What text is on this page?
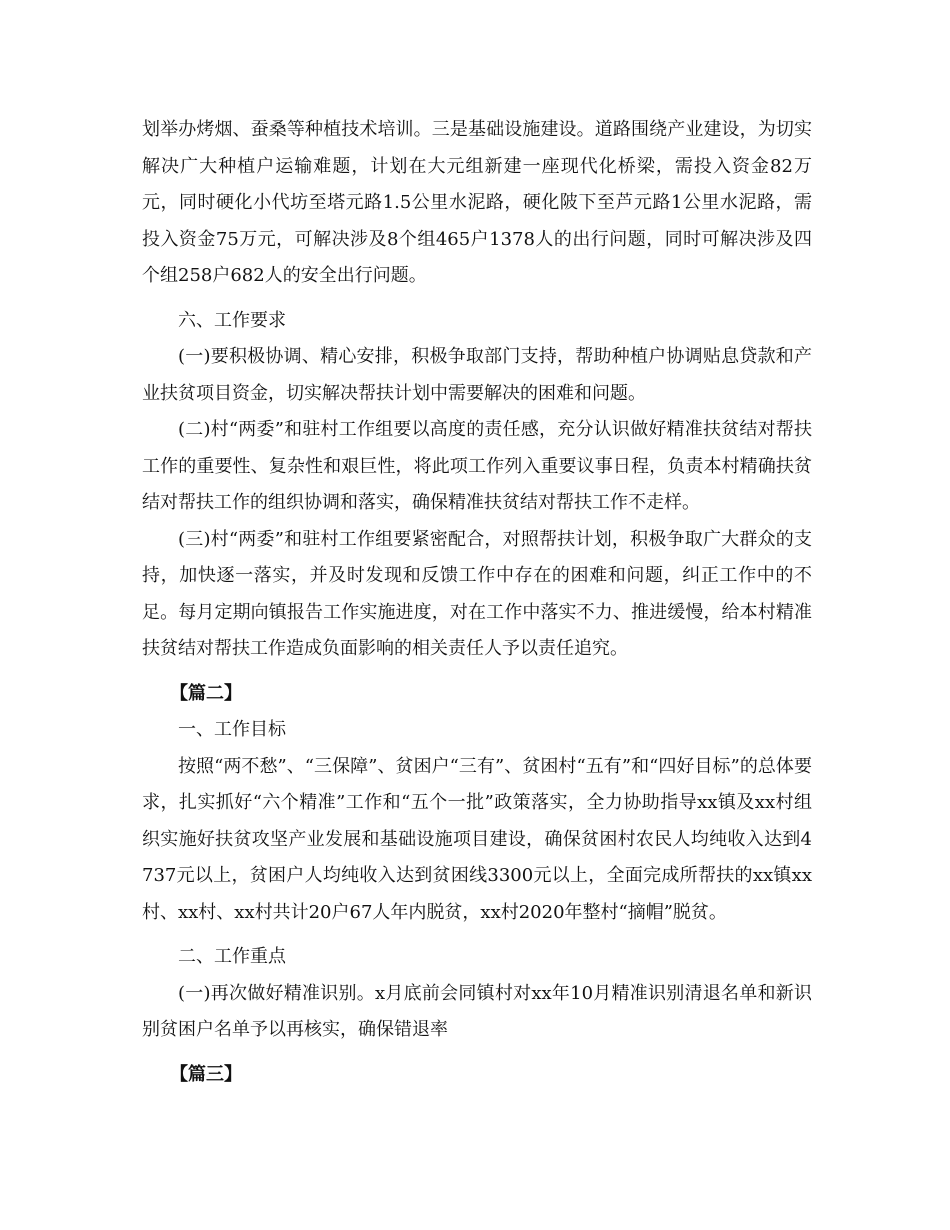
划举办烤烟、蚕桑等种植技术培训。三是基础设施建设。道路围绕产业建设，为切实解决广大种植户运输难题，计划在大元组新建一座现代化桥梁，需投入资金82万元，同时硬化小代坊至塔元路1.5公里水泥路，硬化陂下至芦元路1公里水泥路，需投入资金75万元，可解决涉及8个组465户1378人的出行问题，同时可解决涉及四个组258户682人的安全出行问题。

六、工作要求

(一)要积极协调、精心安排，积极争取部门支持，帮助种植户协调贴息贷款和产业扶贫项目资金，切实解决帮扶计划中需要解决的困难和问题。

(二)村“两委”和驻村工作组要以高度的责任感，充分认识做好精准扶贫结对帮扶工作的重要性、复杂性和艰巨性，将此项工作列入重要议事日程，负责本村精确扶贫结对帮扶工作的组织协调和落实，确保精准扶贫结对帮扶工作不走样。

(三)村“两委”和驻村工作组要紧密配合，对照帮扶计划，积极争取广大群众的支持，加快逐一落实，并及时发现和反馈工作中存在的困难和问题，纠正工作中的不足。每月定期向镇报告工作实施进度，对在工作中落实不力、推进缓慢，给本村精准扶贫结对帮扶工作造成负面影响的相关责任人予以责任追究。

【篇二】

一、工作目标

按照“两不愁”、“三保障”、贫困户“三有”、贫困村“五有”和“四好目标”的总体要求，扎实抓好“六个精准”工作和“五个一批”政策落实，全力协助指导xx镇及xx村组织实施好扶贫攻坚产业发展和基础设施项目建设，确保贫困村农民人均纯收入达到4737元以上，贫困户人均纯收入达到贫困线3300元以上，全面完成所帮扶的xx镇xx村、xx村、xx村共计20户67人年内脱贫，xx村2020年整村“摘帽”脱贫。

二、工作重点

(一)再次做好精准识别。x月底前会同镇村对xx年10月精准识别清退名单和新识别贫困户名单予以再核实，确保错退率

【篇三】
